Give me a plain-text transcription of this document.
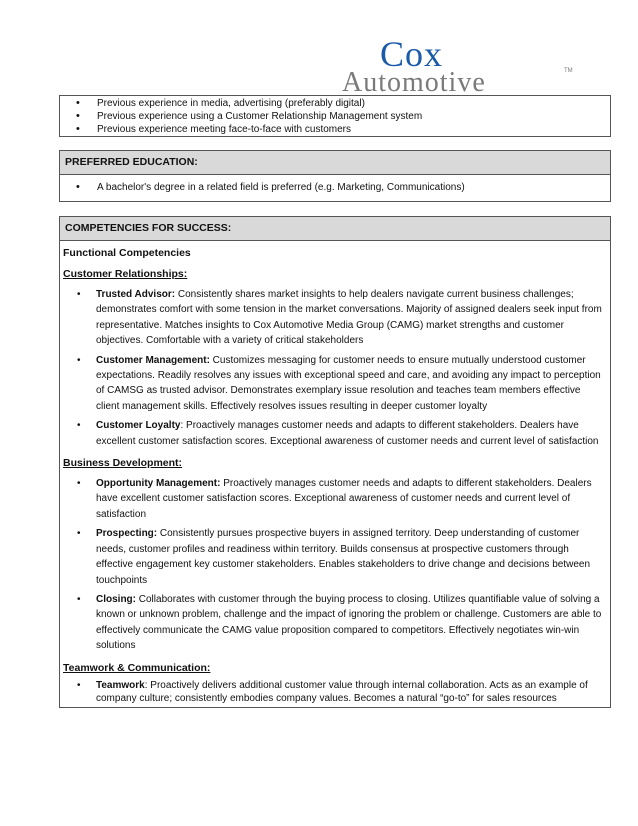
Cox
Automotive	TM
• Previous experience in media, advertising (preferably digital)
• Previous experience using a Customer Relationship Management system
• Previous experience meeting face-to-face with customers
PREFERRED EDUCATION:
• A bachelor's degree in a related field is preferred (e.g. Marketing, Communications)
COMPETENCIES FOR SUCCESS:
Functional Competencies
Customer Relationships:
• Trusted Advisor: Consistently shares market insights to help dealers navigate current business challenges; demonstrates comfort with some tension in the market conversations. Majority of assigned dealers seek input from representative. Matches insights to Cox Automotive Media Group (CAMG) market strengths and customer objectives. Comfortable with a variety of critical stakeholders
• Customer Management: Customizes messaging for customer needs to ensure mutually understood customer expectations. Readily resolves any issues with exceptional speed and care, and avoiding any impact to perception of CAMSG as trusted advisor. Demonstrates exemplary issue resolution and teaches team members effective client management skills. Effectively resolves issues resulting in deeper customer loyalty
• Customer Loyalty: Proactively manages customer needs and adapts to different stakeholders. Dealers have excellent customer satisfaction scores. Exceptional awareness of customer needs and current level of satisfaction
Business Development:
• Opportunity Management: Proactively manages customer needs and adapts to different stakeholders. Dealers have excellent customer satisfaction scores. Exceptional awareness of customer needs and current level of satisfaction
• Prospecting: Consistently pursues prospective buyers in assigned territory. Deep understanding of customer needs, customer profiles and readiness within territory. Builds consensus at prospective customers through effective engagement key customer stakeholders. Enables stakeholders to drive change and decisions between touchpoints
• Closing: Collaborates with customer through the buying process to closing. Utilizes quantifiable value of solving a known or unknown problem, challenge and the impact of ignoring the problem or challenge. Customers are able to effectively communicate the CAMG value proposition compared to competitors. Effectively negotiates win-win solutions
Teamwork & Communication:
• Teamwork: Proactively delivers additional customer value through internal collaboration. Acts as an example of company culture; consistently embodies company values. Becomes a natural “go-to” for sales resources
